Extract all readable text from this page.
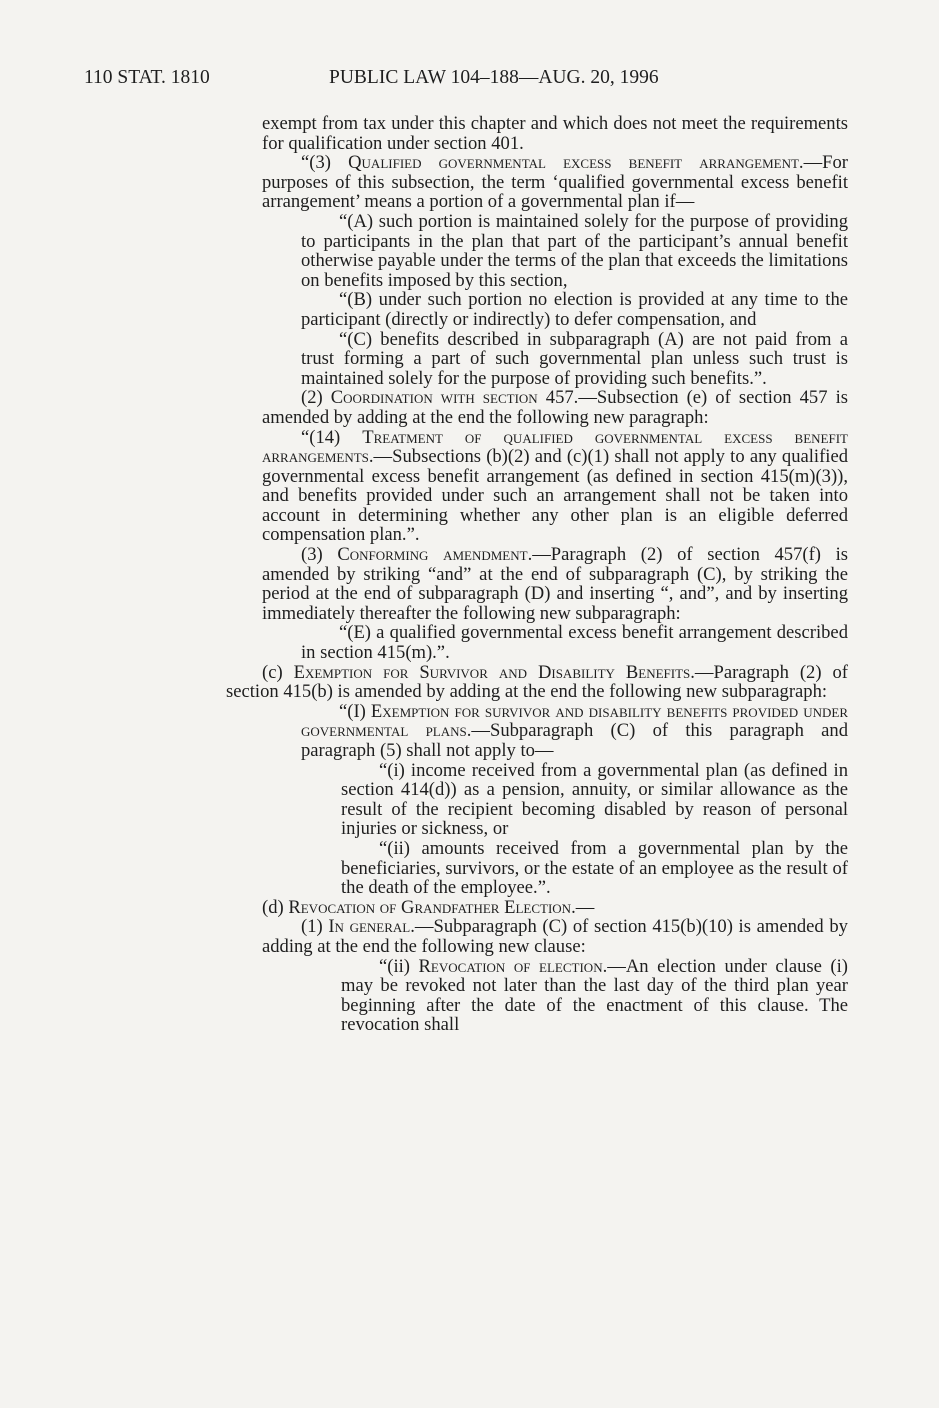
110 STAT. 1810	PUBLIC LAW 104–188—AUG. 20, 1996

exempt from tax under this chapter and which does not meet the requirements for qualification under section 401.

“(3) Qualified governmental excess benefit arrangement.—For purposes of this subsection, the term ‘qualified governmental excess benefit arrangement’ means a portion of a governmental plan if—

“(A) such portion is maintained solely for the purpose of providing to participants in the plan that part of the participant’s annual benefit otherwise payable under the terms of the plan that exceeds the limitations on benefits imposed by this section,

“(B) under such portion no election is provided at any time to the participant (directly or indirectly) to defer compensation, and

“(C) benefits described in subparagraph (A) are not paid from a trust forming a part of such governmental plan unless such trust is maintained solely for the purpose of providing such benefits.”.

(2) Coordination with section 457.—Subsection (e) of section 457 is amended by adding at the end the following new paragraph:

“(14) Treatment of qualified governmental excess benefit arrangements.—Subsections (b)(2) and (c)(1) shall not apply to any qualified governmental excess benefit arrangement (as defined in section 415(m)(3)), and benefits provided under such an arrangement shall not be taken into account in determining whether any other plan is an eligible deferred compensation plan.”.

(3) Conforming amendment.—Paragraph (2) of section 457(f) is amended by striking “and” at the end of subparagraph (C), by striking the period at the end of subparagraph (D) and inserting “, and”, and by inserting immediately thereafter the following new subparagraph:

“(E) a qualified governmental excess benefit arrangement described in section 415(m).”.

(c) Exemption for Survivor and Disability Benefits.—Paragraph (2) of section 415(b) is amended by adding at the end the following new subparagraph:

“(I) Exemption for survivor and disability benefits provided under governmental plans.—Subparagraph (C) of this paragraph and paragraph (5) shall not apply to—

“(i) income received from a governmental plan (as defined in section 414(d)) as a pension, annuity, or similar allowance as the result of the recipient becoming disabled by reason of personal injuries or sickness, or

“(ii) amounts received from a governmental plan by the beneficiaries, survivors, or the estate of an employee as the result of the death of the employee.”.

(d) Revocation of Grandfather Election.—

(1) In general.—Subparagraph (C) of section 415(b)(10) is amended by adding at the end the following new clause:

“(ii) Revocation of election.—An election under clause (i) may be revoked not later than the last day of the third plan year beginning after the date of the enactment of this clause. The revocation shall
